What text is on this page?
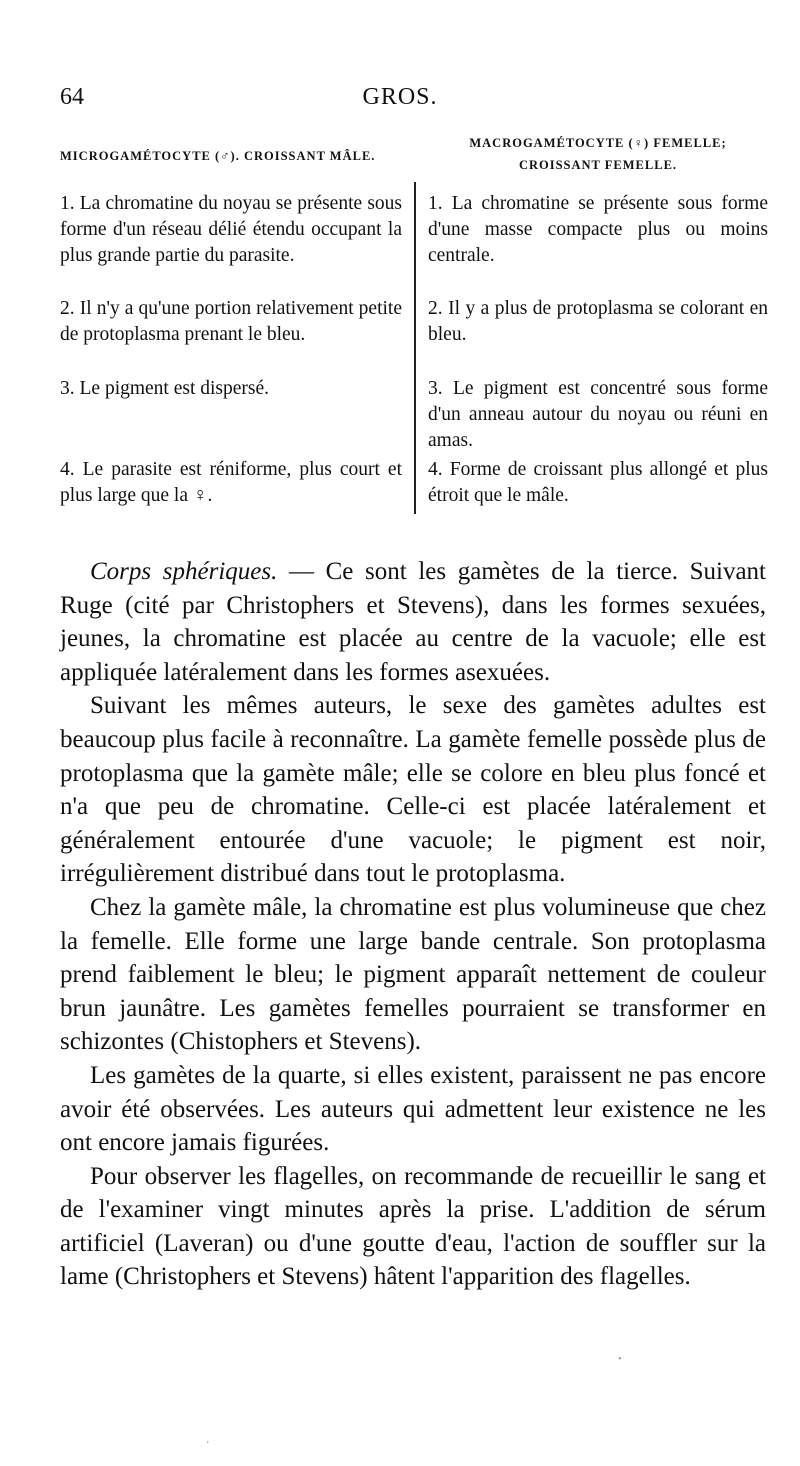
64	GROS.
MICROGAMÉTOCYTE (♂). CROISSANT MÂLE.
1. La chromatine du noyau se présente sous forme d'un réseau délié étendu occupant la plus grande partie du parasite.
2. Il n'y a qu'une portion relativement petite de protoplasma prenant le bleu.
3. Le pigment est dispersé.
4. Le parasite est réniforme, plus court et plus large que la ♀.
MACROGAMÉTOCYTE (♀) FEMELLE;
CROISSANT FEMELLE.
1. La chromatine se présente sous forme d'une masse compacte plus ou moins centrale.
2. Il y a plus de protoplasma se colorant en bleu.
3. Le pigment est concentré sous forme d'un anneau autour du noyau ou réuni en amas.
4. Forme de croissant plus allongé et plus étroit que le mâle.

Corps sphériques. — Ce sont les gamètes de la tierce. Suivant Ruge (cité par Christophers et Stevens), dans les formes sexuées, jeunes, la chromatine est placée au centre de la vacuole; elle est appliquée latéralement dans les formes asexuées.

Suivant les mêmes auteurs, le sexe des gamètes adultes est beaucoup plus facile à reconnaître. La gamète femelle possède plus de protoplasma que la gamète mâle; elle se colore en bleu plus foncé et n'a que peu de chromatine. Celle-ci est placée latéralement et généralement entourée d'une vacuole; le pigment est noir, irrégulièrement distribué dans tout le protoplasma.

Chez la gamète mâle, la chromatine est plus volumineuse que chez la femelle. Elle forme une large bande centrale. Son protoplasma prend faiblement le bleu; le pigment apparaît nettement de couleur brun jaunâtre. Les gamètes femelles pourraient se transformer en schizontes (Chistophers et Stevens).

Les gamètes de la quarte, si elles existent, paraissent ne pas encore avoir été observées. Les auteurs qui admettent leur existence ne les ont encore jamais figurées.

Pour observer les flagelles, on recommande de recueillir le sang et de l'examiner vingt minutes après la prise. L'addition de sérum artificiel (Laveran) ou d'une goutte d'eau, l'action de souffler sur la lame (Christophers et Stevens) hâtent l'apparition des flagelles.

•
ʼ
